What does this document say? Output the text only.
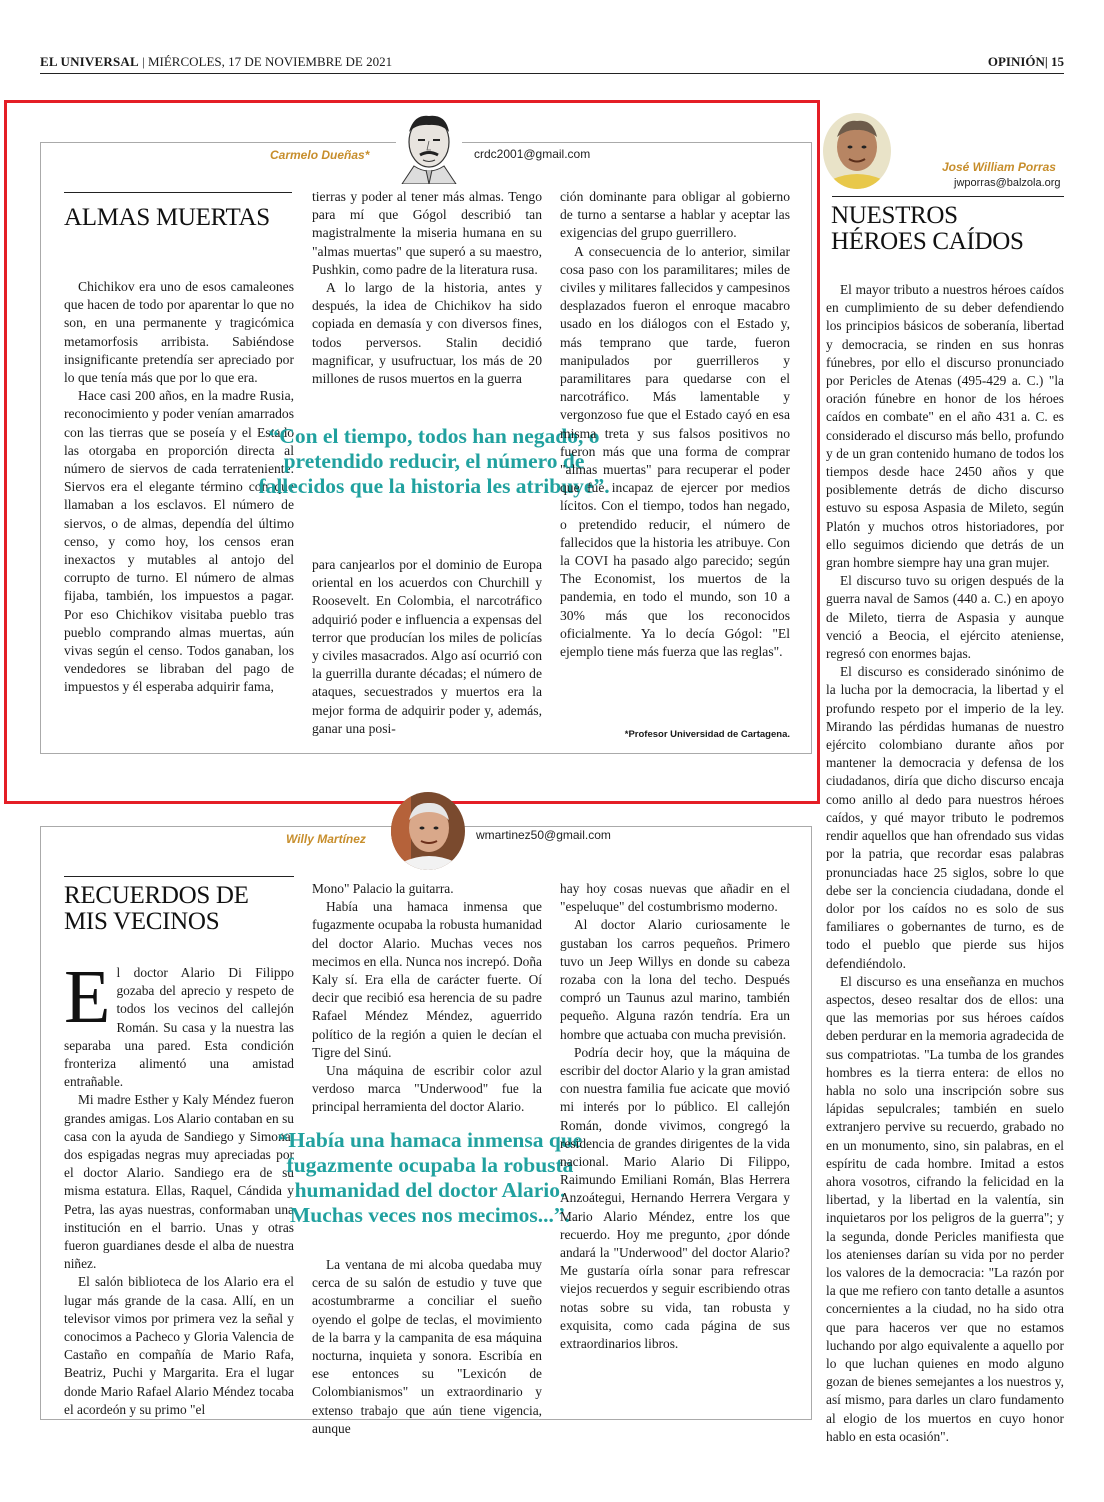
EL UNIVERSAL | MIÉRCOLES, 17 DE NOVIEMBRE DE 2021	OPINIÓN| 15
Carmelo Dueñas*	crdc2001@gmail.com
ALMAS MUERTAS

Chichikov era uno de esos camaleones que hacen de todo por aparentar lo que no son, en una permanente y tragicómica metamorfosis arribista. Sabiéndose insignificante pretendía ser apreciado por lo que tenía más que por lo que era.

Hace casi 200 años, en la madre Rusia, reconocimiento y poder venían amarrados con las tierras que se poseía y el Estado las otorgaba en proporción directa al número de siervos de cada terrateniente. Siervos era el elegante término con que llamaban a los esclavos. El número de siervos, o de almas, dependía del último censo, y como hoy, los censos eran inexactos y mutables al antojo del corrupto de turno. El número de almas fijaba, también, los impuestos a pagar. Por eso Chichikov visitaba pueblo tras pueblo comprando almas muertas, aún vivas según el censo. Todos ganaban, los vendedores se libraban del pago de impuestos y él esperaba adquirir fama,

tierras y poder al tener más almas. Tengo para mí que Gógol describió tan magistralmente la miseria humana en su "almas muertas" que superó a su maestro, Pushkin, como padre de la literatura rusa.

A lo largo de la historia, antes y después, la idea de Chichikov ha sido copiada en demasía y con diversos fines, todos perversos. Stalin decidió magnificar, y usufructuar, los más de 20 millones de rusos muertos en la guerra

“Con el tiempo, todos han negado, o pretendido reducir, el número de fallecidos que la historia les atribuye”.

para canjearlos por el dominio de Europa oriental en los acuerdos con Churchill y Roosevelt. En Colombia, el narcotráfico adquirió poder e influencia a expensas del terror que producían los miles de policías y civiles masacrados. Algo así ocurrió con la guerrilla durante décadas; el número de ataques, secuestrados y muertos era la mejor forma de adquirir poder y, además, ganar una posi-

ción dominante para obligar al gobierno de turno a sentarse a hablar y aceptar las exigencias del grupo guerrillero.

A consecuencia de lo anterior, similar cosa paso con los paramilitares; miles de civiles y militares fallecidos y campesinos desplazados fueron el enroque macabro usado en los diálogos con el Estado y, más temprano que tarde, fueron manipulados por guerrilleros y paramilitares para quedarse con el narcotráfico. Más lamentable y vergonzoso fue que el Estado cayó en esa misma treta y sus falsos positivos no fueron más que una forma de comprar "almas muertas" para recuperar el poder que fue incapaz de ejercer por medios lícitos. Con el tiempo, todos han negado, o pretendido reducir, el número de fallecidos que la historia les atribuye. Con la COVI ha pasado algo parecido; según The Economist, los muertos de la pandemia, en todo el mundo, son 10 a 30% más que los reconocidos oficialmente. Ya lo decía Gógol: "El ejemplo tiene más fuerza que las reglas".

*Profesor Universidad de Cartagena.
José William Porras
jwporras@balzola.org
NUESTROS
HÉROES CAÍDOS

El mayor tributo a nuestros héroes caídos en cumplimiento de su deber defendiendo los principios básicos de soberanía, libertad y democracia, se rinden en sus honras fúnebres, por ello el discurso pronunciado por Pericles de Atenas (495-429 a. C.) "la oración fúnebre en honor de los héroes caídos en combate" en el año 431 a. C. es considerado el discurso más bello, profundo y de un gran contenido humano de todos los tiempos desde hace 2450 años y que posiblemente detrás de dicho discurso estuvo su esposa Aspasia de Mileto, según Platón y muchos otros historiadores, por ello seguimos diciendo que detrás de un gran hombre siempre hay una gran mujer.

El discurso tuvo su origen después de la guerra naval de Samos (440 a. C.) en apoyo de Mileto, tierra de Aspasia y aunque venció a Beocia, el ejército ateniense, regresó con enormes bajas.

El discurso es considerado sinónimo de la lucha por la democracia, la libertad y el profundo respeto por el imperio de la ley. Mirando las pérdidas humanas de nuestro ejército colombiano durante años por mantener la democracia y defensa de los ciudadanos, diría que dicho discurso encaja como anillo al dedo para nuestros héroes caídos, y qué mayor tributo le podremos rendir aquellos que han ofrendado sus vidas por la patria, que recordar esas palabras pronunciadas hace 25 siglos, sobre lo que debe ser la conciencia ciudadana, donde el dolor por los caídos no es solo de sus familiares o gobernantes de turno, es de todo el pueblo que pierde sus hijos defendiéndolo.

El discurso es una enseñanza en muchos aspectos, deseo resaltar dos de ellos: una que las memorias por sus héroes caídos deben perdurar en la memoria agradecida de sus compatriotas. "La tumba de los grandes hombres es la tierra entera: de ellos no habla no solo una inscripción sobre sus lápidas sepulcrales; también en suelo extranjero pervive su recuerdo, grabado no en un monumento, sino, sin palabras, en el espíritu de cada hombre. Imitad a estos ahora vosotros, cifrando la felicidad en la libertad, y la libertad en la valentía, sin inquietaros por los peligros de la guerra"; y la segunda, donde Pericles manifiesta que los atenienses darían su vida por no perder los valores de la democracia: "La razón por la que me refiero con tanto detalle a asuntos concernientes a la ciudad, no ha sido otra que para haceros ver que no estamos luchando por algo equivalente a aquello por lo que luchan quienes en modo alguno gozan de bienes semejantes a los nuestros y, así mismo, para darles un claro fundamento al elogio de los muertos en cuyo honor hablo en esta ocasión".

Willy Martínez	wmartinez50@gmail.com
RECUERDOS DE
MIS VECINOS

El doctor Alario Di Filippo gozaba del aprecio y respeto de todos los vecinos del callejón Román. Su casa y la nuestra las separaba una pared. Esta condición fronteriza alimentó una amistad entrañable.

Mi madre Esther y Kaly Méndez fueron grandes amigas. Los Alario contaban en su casa con la ayuda de Sandiego y Simona, dos espigadas negras muy apreciadas por el doctor Alario. Sandiego era de su misma estatura. Ellas, Raquel, Cándida y Petra, las ayas nuestras, conformaban una institución en el barrio. Unas y otras fueron guardianes desde el alba de nuestra niñez.

El salón biblioteca de los Alario era el lugar más grande de la casa. Allí, en un televisor vimos por primera vez la señal y conocimos a Pacheco y Gloria Valencia de Castaño en compañía de Mario Rafa, Beatriz, Puchi y Margarita. Era el lugar donde Mario Rafael Alario Méndez tocaba el acordeón y su primo "el

Mono" Palacio la guitarra.

Había una hamaca inmensa que fugazmente ocupaba la robusta humanidad del doctor Alario. Muchas veces nos mecimos en ella. Nunca nos increpó. Doña Kaly sí. Era ella de carácter fuerte. Oí decir que recibió esa herencia de su padre Rafael Méndez Méndez, aguerrido político de la región a quien le decían el Tigre del Sinú.

Una máquina de escribir color azul verdoso marca "Underwood" fue la principal herramienta del doctor Alario.

“Había una hamaca inmensa que fugazmente ocupaba la robusta humanidad del doctor Alario. Muchas veces nos mecimos...”.

La ventana de mi alcoba quedaba muy cerca de su salón de estudio y tuve que acostumbrarme a conciliar el sueño oyendo el golpe de teclas, el movimiento de la barra y la campanita de esa máquina nocturna, inquieta y sonora. Escribía en ese entonces su "Lexicón de Colombianismos" un extraordinario y extenso trabajo que aún tiene vigencia, aunque

hay hoy cosas nuevas que añadir en el "espeluque" del costumbrismo moderno.

Al doctor Alario curiosamente le gustaban los carros pequeños. Primero tuvo un Jeep Willys en donde su cabeza rozaba con la lona del techo. Después compró un Taunus azul marino, también pequeño. Alguna razón tendría. Era un hombre que actuaba con mucha previsión.

Podría decir hoy, que la máquina de escribir del doctor Alario y la gran amistad con nuestra familia fue acicate que movió mi interés por lo público. El callejón Román, donde vivimos, congregó la residencia de grandes dirigentes de la vida nacional. Mario Alario Di Filippo, Raimundo Emiliani Román, Blas Herrera Anzoátegui, Hernando Herrera Vergara y Mario Alario Méndez, entre los que recuerdo. Hoy me pregunto, ¿por dónde andará la "Underwood" del doctor Alario? Me gustaría oírla sonar para refrescar viejos recuerdos y seguir escribiendo otras notas sobre su vida, tan robusta y exquisita, como cada página de sus extraordinarios libros.
